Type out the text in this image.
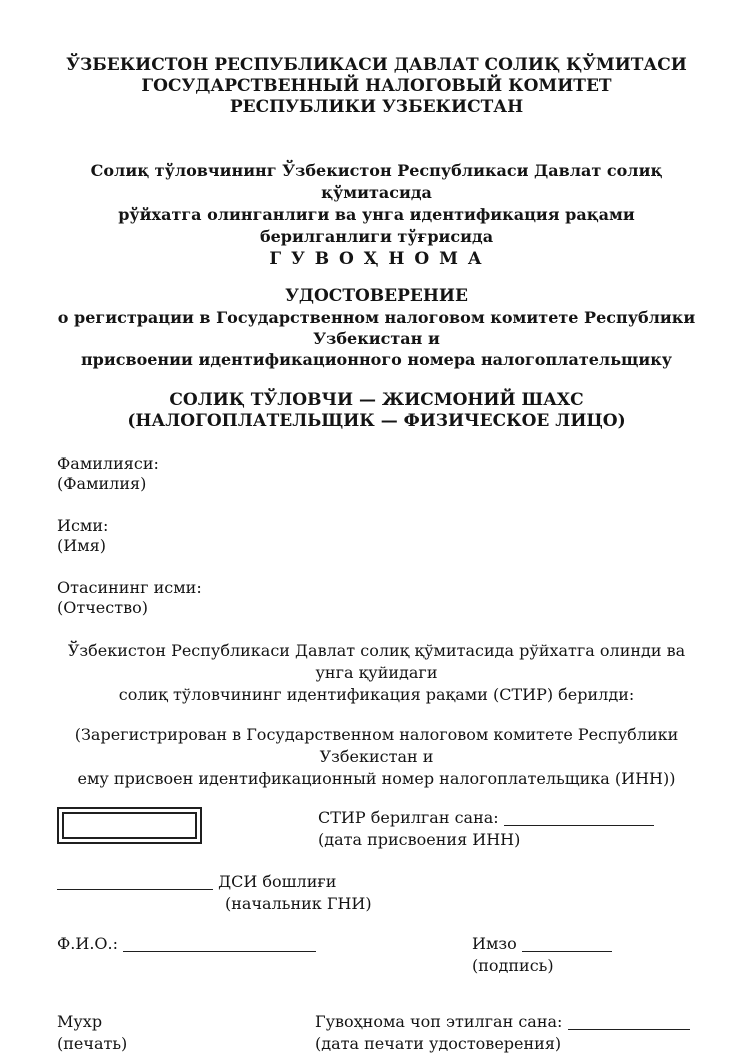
ЎЗБЕКИСТОН РЕСПУБЛИКАСИ ДАВЛАТ СОЛИҚ ҚЎМИТАСИ
ГОСУДАРСТВЕННЫЙ НАЛОГОВЫЙ КОМИТЕТ
РЕСПУБЛИКИ УЗБЕКИСТАН
Солиқ тўловчининг Ўзбекистон Республикаси Давлат солиқ қўмитасида
рўйхатга олинганлиги ва унга идентификация рақами берилганлиги тўғрисида
Г У В О Ҳ Н О М А
УДОСТОВЕРЕНИЕ
о регистрации в Государственном налоговом комитете Республики Узбекистан и
присвоении идентификационного номера налогоплательщику
СОЛИҚ ТЎЛОВЧИ — ЖИСМОНИЙ ШАХС
(НАЛОГОПЛАТЕЛЬЩИК — ФИЗИЧЕСКОЕ ЛИЦО)
Фамилияси:
(Фамилия)
Исми:
(Имя)
Отасининг исми:
(Отчество)
Ўзбекистон Республикаси Давлат солиқ қўмитасида рўйхатга олинди ва унга қуйидаги
солиқ тўловчининг идентификация рақами (СТИР) берилди:
(Зарегистрирован в Государственном налоговом комитете Республики Узбекистан и
ему присвоен идентификационный номер налогоплательщика (ИНН))
СТИР берилган сана:
(дата присвоения ИНН)
ДСИ бошлиғи
(начальник ГНИ)
Ф.И.О.:	Имзо
(подпись)
Мухр
(печать)
Гувоҳнома чоп этилган сана:
(дата печати удостоверения)
